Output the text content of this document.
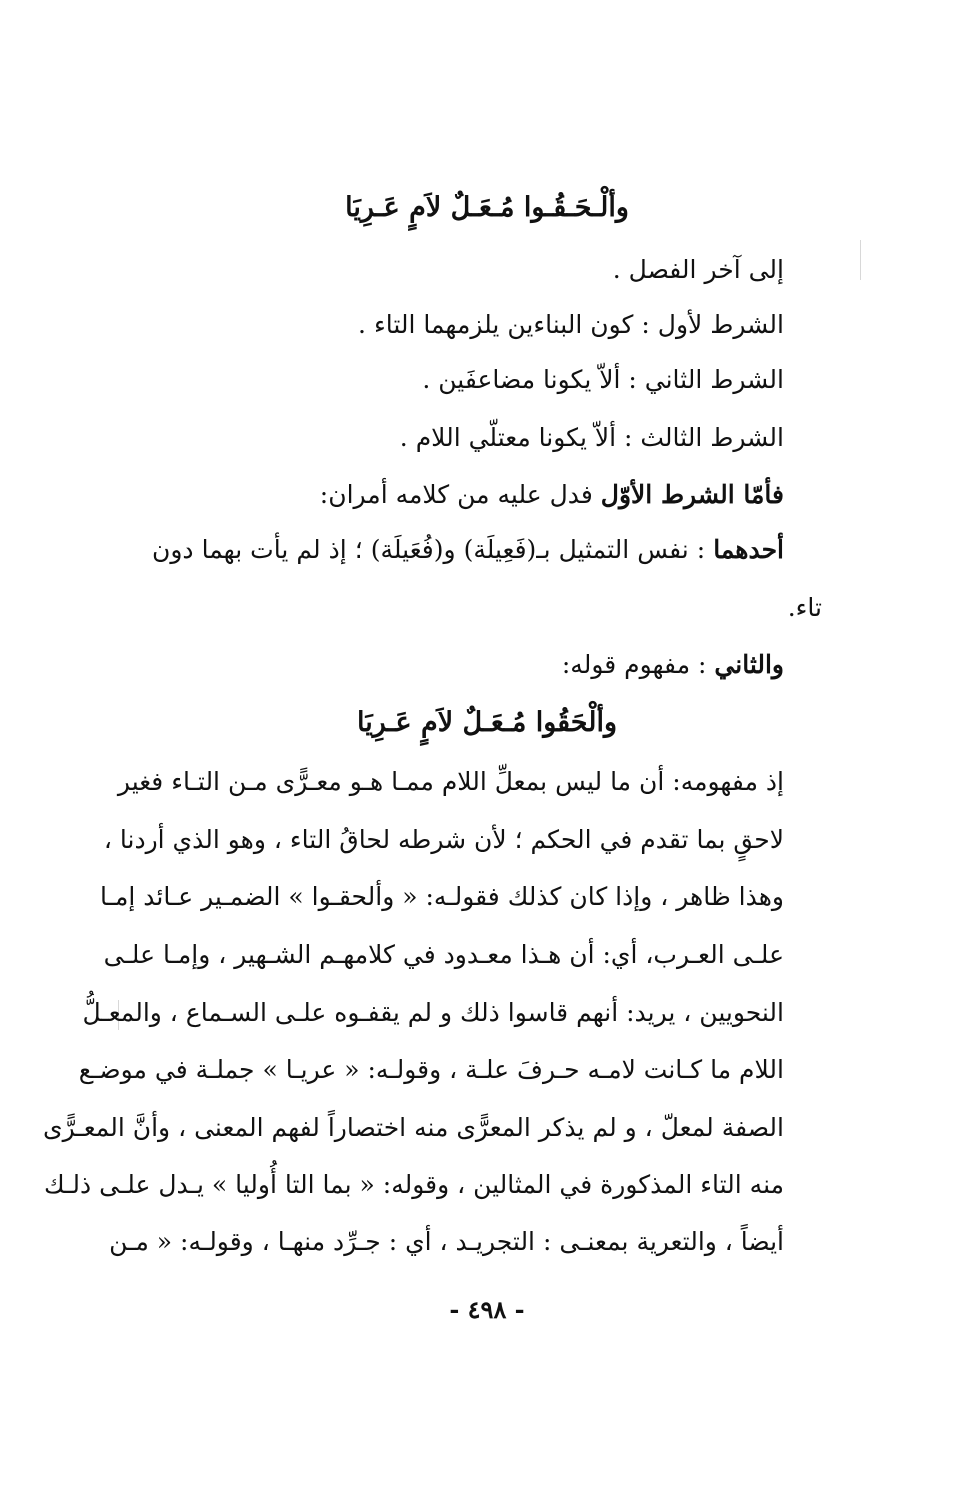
وألْـحَـقُـوا مُـعَـلٌ لاَمٍ عَـرِيَا
إلى آخر الفصل .
الشرط لأول : كون البناءين يلزمهما التاء .
الشرط الثاني : ألاّ يكونا مضاعفَين .
الشرط الثالث : ألاّ يكونا معتلّي اللام .
فأمّا الشرط الأوّل فدل عليه من كلامه أمران:
أحدهما : نفس التمثيل بـ(فَعِيلَة) و(فُعَيلَة) ؛ إذ لم يأت بهما دون
تاء.
والثاني : مفهوم قوله:
وألْحَقُوا مُـعَـلٌ لاَمٍ عَـرِيَا
إذ مفهومه: أن ما ليس بمعلِّ اللام ممـا هـو معـرًّى مـن التـاء فغير
لاحقٍ بما تقدم في الحكم ؛ لأن شرطه لحاقُ التاء ، وهو الذي أردنا ،
وهذا ظاهر ، وإذا كان كذلك فقولـه: « وألحقـوا » الضمـير عـائد إمـا
علـى العـرب، أي: أن هـذا معـدود في كلامهـم الشـهير ، وإمـا علـى
النحويين ، يريد: أنهم قاسوا ذلك و لم يقفـوه علـى السـماع ، والمعـلُّ
اللام ما كـانت لامـه حـرفَ علـة ، وقولـه: « عريـا » جملـة في موضـع
الصفة لمعلّ ، و لم يذكر المعرًّى منه اختصاراً لفهم المعنى ، وأنَّ المعـرًّى
منه التاء المذكورة في المثالين ، وقوله: « بما التا أُوليا » يـدل علـى ذلـك
أيضاً ، والتعرية بمعنـى : التجريـد ، أي : جـرِّد منهـا ، وقولـه: « مـن
- ٤٩٨ -
